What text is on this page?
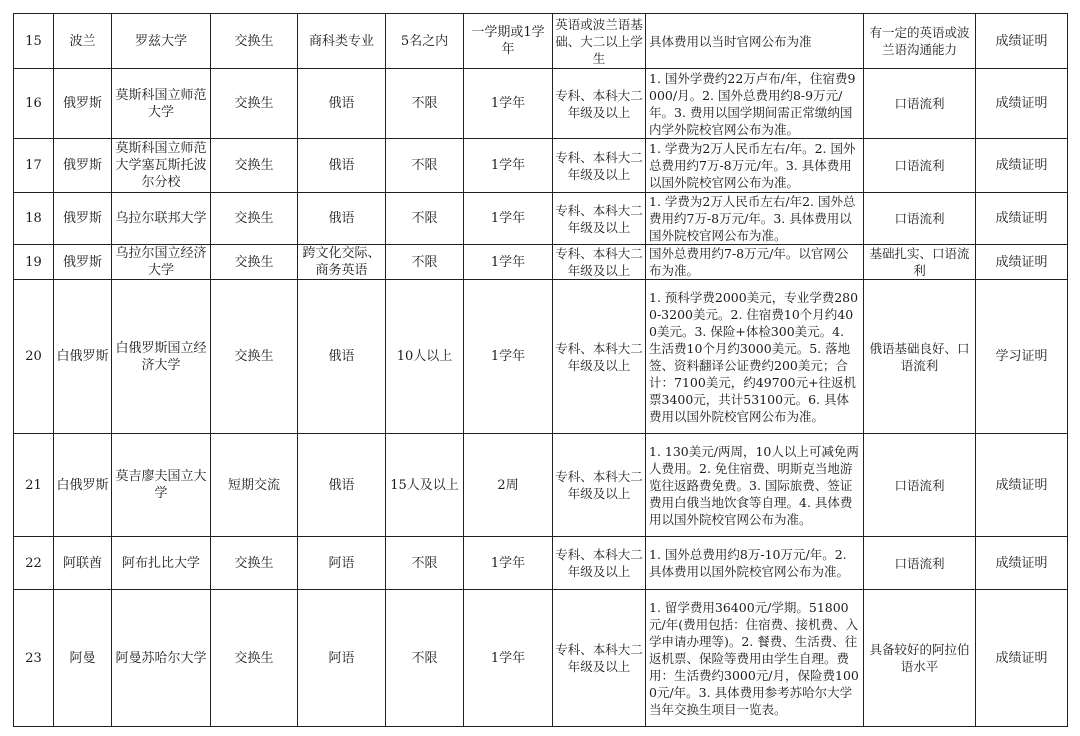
15	波兰	罗兹大学	交换生	商科类专业	5名之内	一学期或1学年	英语或波兰语基础、大二以上学生	具体费用以当时官网公布为准	有一定的英语或波兰语沟通能力	成绩证明
16	俄罗斯	莫斯科国立师范大学	交换生	俄语	不限	1学年	专科、本科大二年级及以上	1. 国外学费约22万卢布/年，住宿费9000/月。2. 国外总费用约8-9万元/年。3. 费用以国学期间需正常缴纳国内学外院校官网公布为准。	口语流利	成绩证明
17	俄罗斯	莫斯科国立师范大学塞瓦斯托波尔分校	交换生	俄语	不限	1学年	专科、本科大二年级及以上	1. 学费为2万人民币左右/年。2. 国外总费用约7万-8万元/年。3. 具体费用以国外院校官网公布为准。	口语流利	成绩证明
18	俄罗斯	乌拉尔联邦大学	交换生	俄语	不限	1学年	专科、本科大二年级及以上	1. 学费为2万人民币左右/年2. 国外总费用约7万-8万元/年。3. 具体费用以国外院校官网公布为准。	口语流利	成绩证明
19	俄罗斯	乌拉尔国立经济大学	交换生	跨文化交际、商务英语	不限	1学年	专科、本科大二年级及以上	国外总费用约7-8万元/年。以官网公布为准。	基础扎实、口语流利	成绩证明
20	白俄罗斯	白俄罗斯国立经济大学	交换生	俄语	10人以上	1学年	专科、本科大二年级及以上	1. 预科学费2000美元，专业学费2800-3200美元。2. 住宿费10个月约400美元。3. 保险+体检300美元。4. 生活费10个月约3000美元。5. 落地签、资料翻译公证费约200美元；合计：7100美元，约49700元+往返机票3400元，共计53100元。6. 具体费用以国外院校官网公布为准。	俄语基础良好、口语流利	学习证明
21	白俄罗斯	莫吉廖夫国立大学	短期交流	俄语	15人及以上	2周	专科、本科大二年级及以上	1. 130美元/两周，10人以上可减免两人费用。2. 免住宿费、明斯克当地游览往返路费免费。3. 国际旅费、签证费用白俄当地饮食等自理。4. 具体费用以国外院校官网公布为准。	口语流利	成绩证明
22	阿联酋	阿布扎比大学	交换生	阿语	不限	1学年	专科、本科大二年级及以上	1. 国外总费用约8万-10万元/年。2. 具体费用以国外院校官网公布为准。	口语流利	成绩证明
23	阿曼	阿曼苏哈尔大学	交换生	阿语	不限	1学年	专科、本科大二年级及以上	1. 留学费用36400元/学期。51800元/年(费用包括：住宿费、接机费、入学申请办理等)。2. 餐费、生活费、往返机票、保险等费用由学生自理。费用：生活费约3000元/月，保险费1000元/年。3. 具体费用参考苏哈尔大学当年交换生项目一览表。	具备较好的阿拉伯语水平	成绩证明
